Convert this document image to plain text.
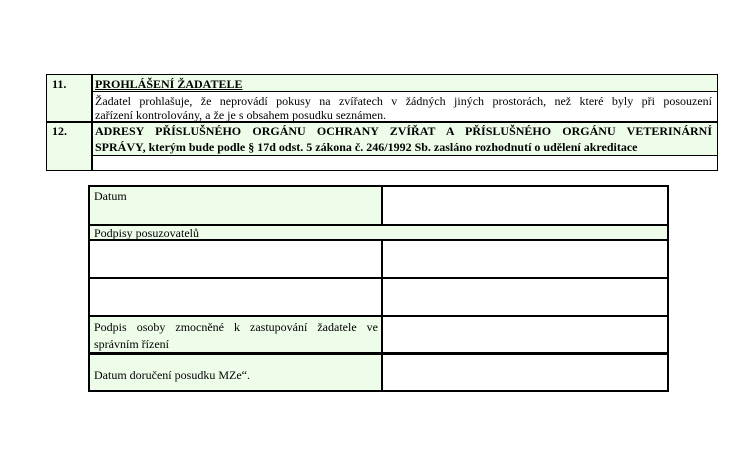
11. PROHLÁŠENÍ ŽADATELE
Žadatel prohlašuje, že neprovádí pokusy na zvířatech v žádných jiných prostorách, než které byly při posouzení
zařízení kontrolovány, a že je s obsahem posudku seznámen.
12. ADRESY PŘÍSLUŠNÉHO ORGÁNU OCHRANY ZVÍŘAT A PŘÍSLUŠNÉHO ORGÁNU VETERINÁRNÍ
SPRÁVY, kterým bude podle § 17d odst. 5 zákona č. 246/1992 Sb. zasláno rozhodnutí o udělení akreditace
Datum
Podpisy posuzovatelů
Podpis osoby zmocněné k zastupování žadatele ve
správním řízení
Datum doručení posudku MZe“.
